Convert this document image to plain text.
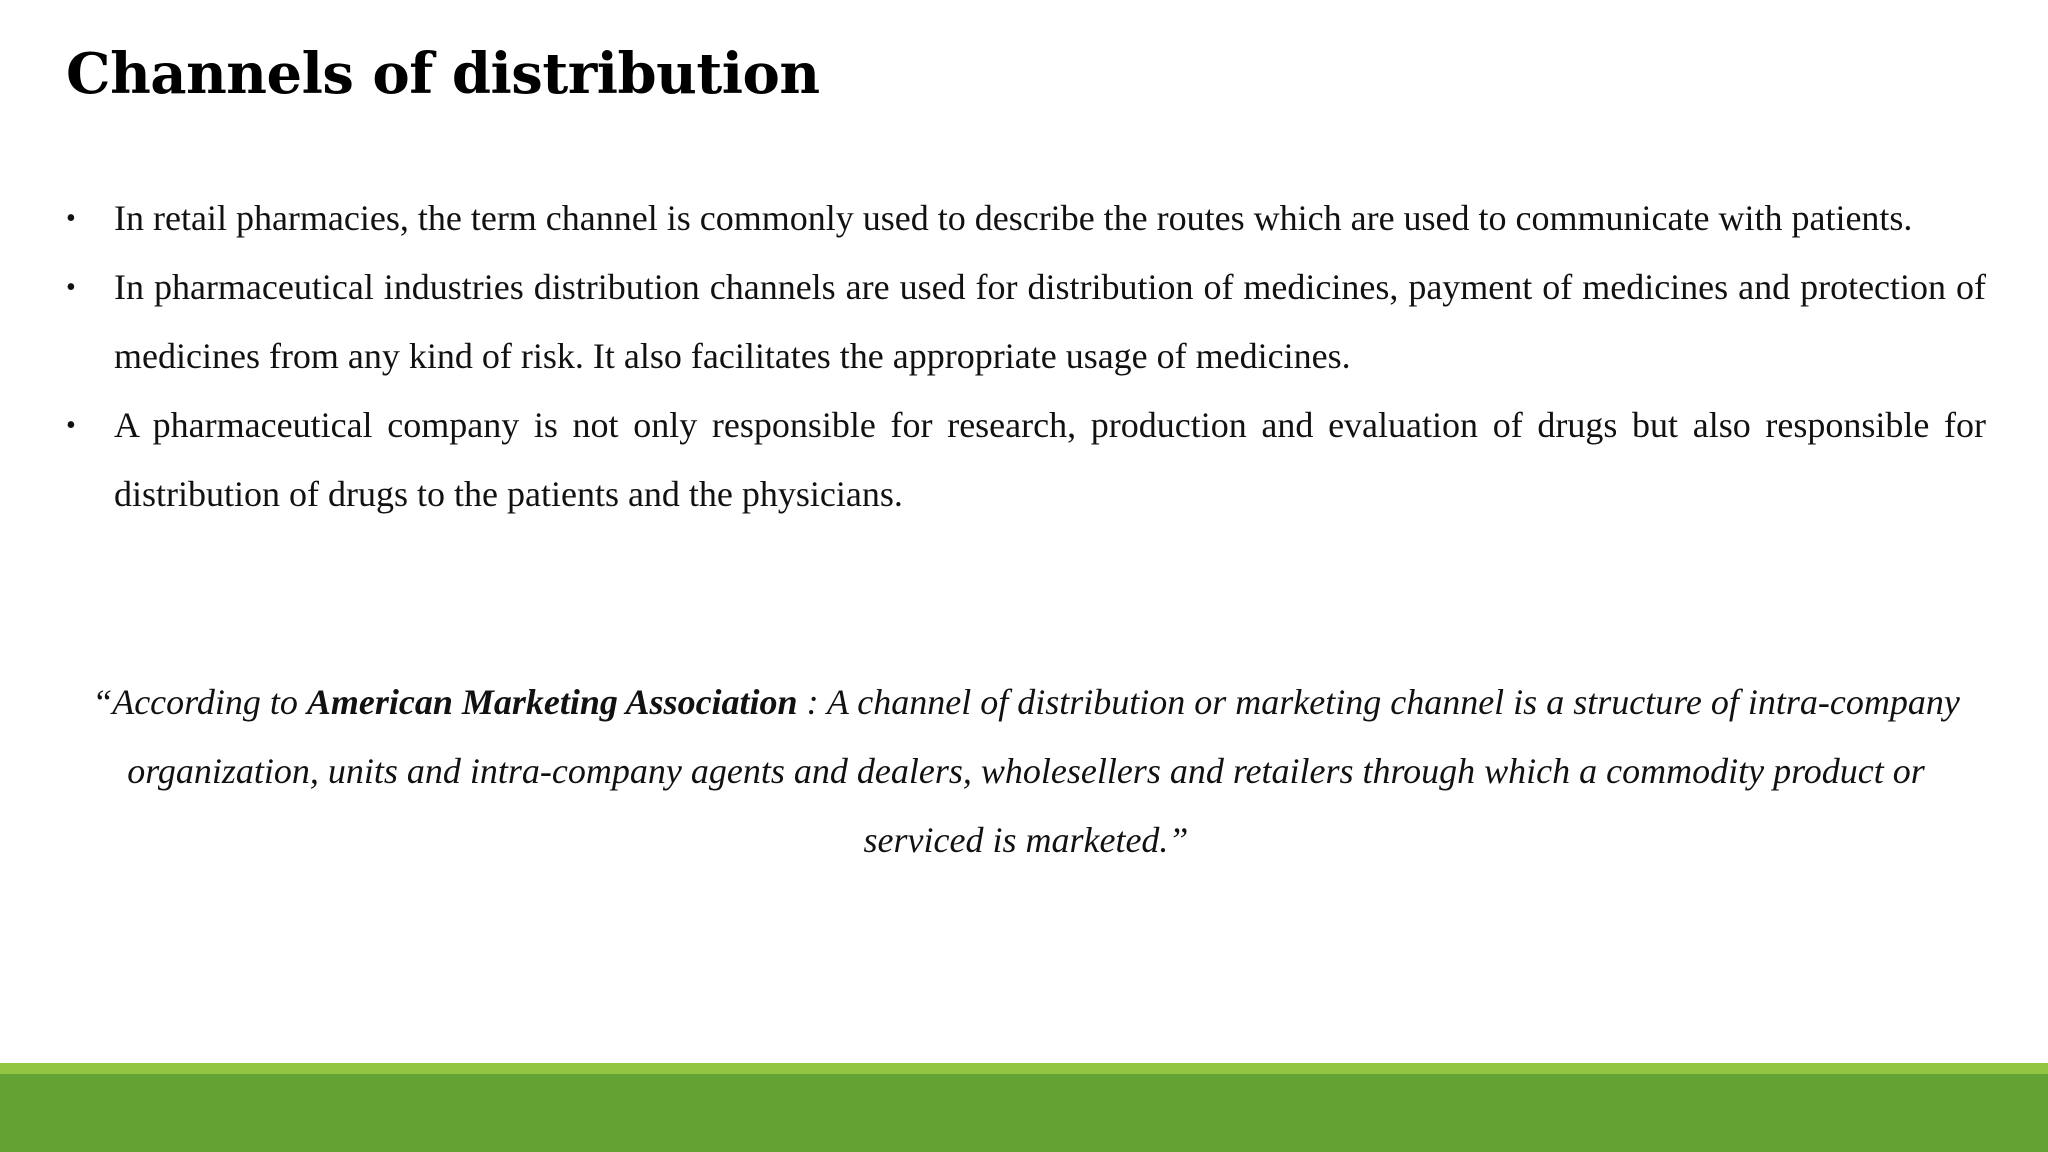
Channels of distribution
•	In retail pharmacies, the term channel is commonly used to describe the routes which are used to communicate with patients.
•	In pharmaceutical industries distribution channels are used for distribution of medicines, payment of medicines and protection of medicines from any kind of risk. It also facilitates the appropriate usage of medicines.
•	A pharmaceutical company is not only responsible for research, production and evaluation of drugs but also responsible for distribution of drugs to the patients and the physicians.

“According to American Marketing Association : A channel of distribution or marketing channel is a structure of intra-company organization, units and intra-company agents and dealers, wholesellers and retailers through which a commodity product or serviced is marketed.”
